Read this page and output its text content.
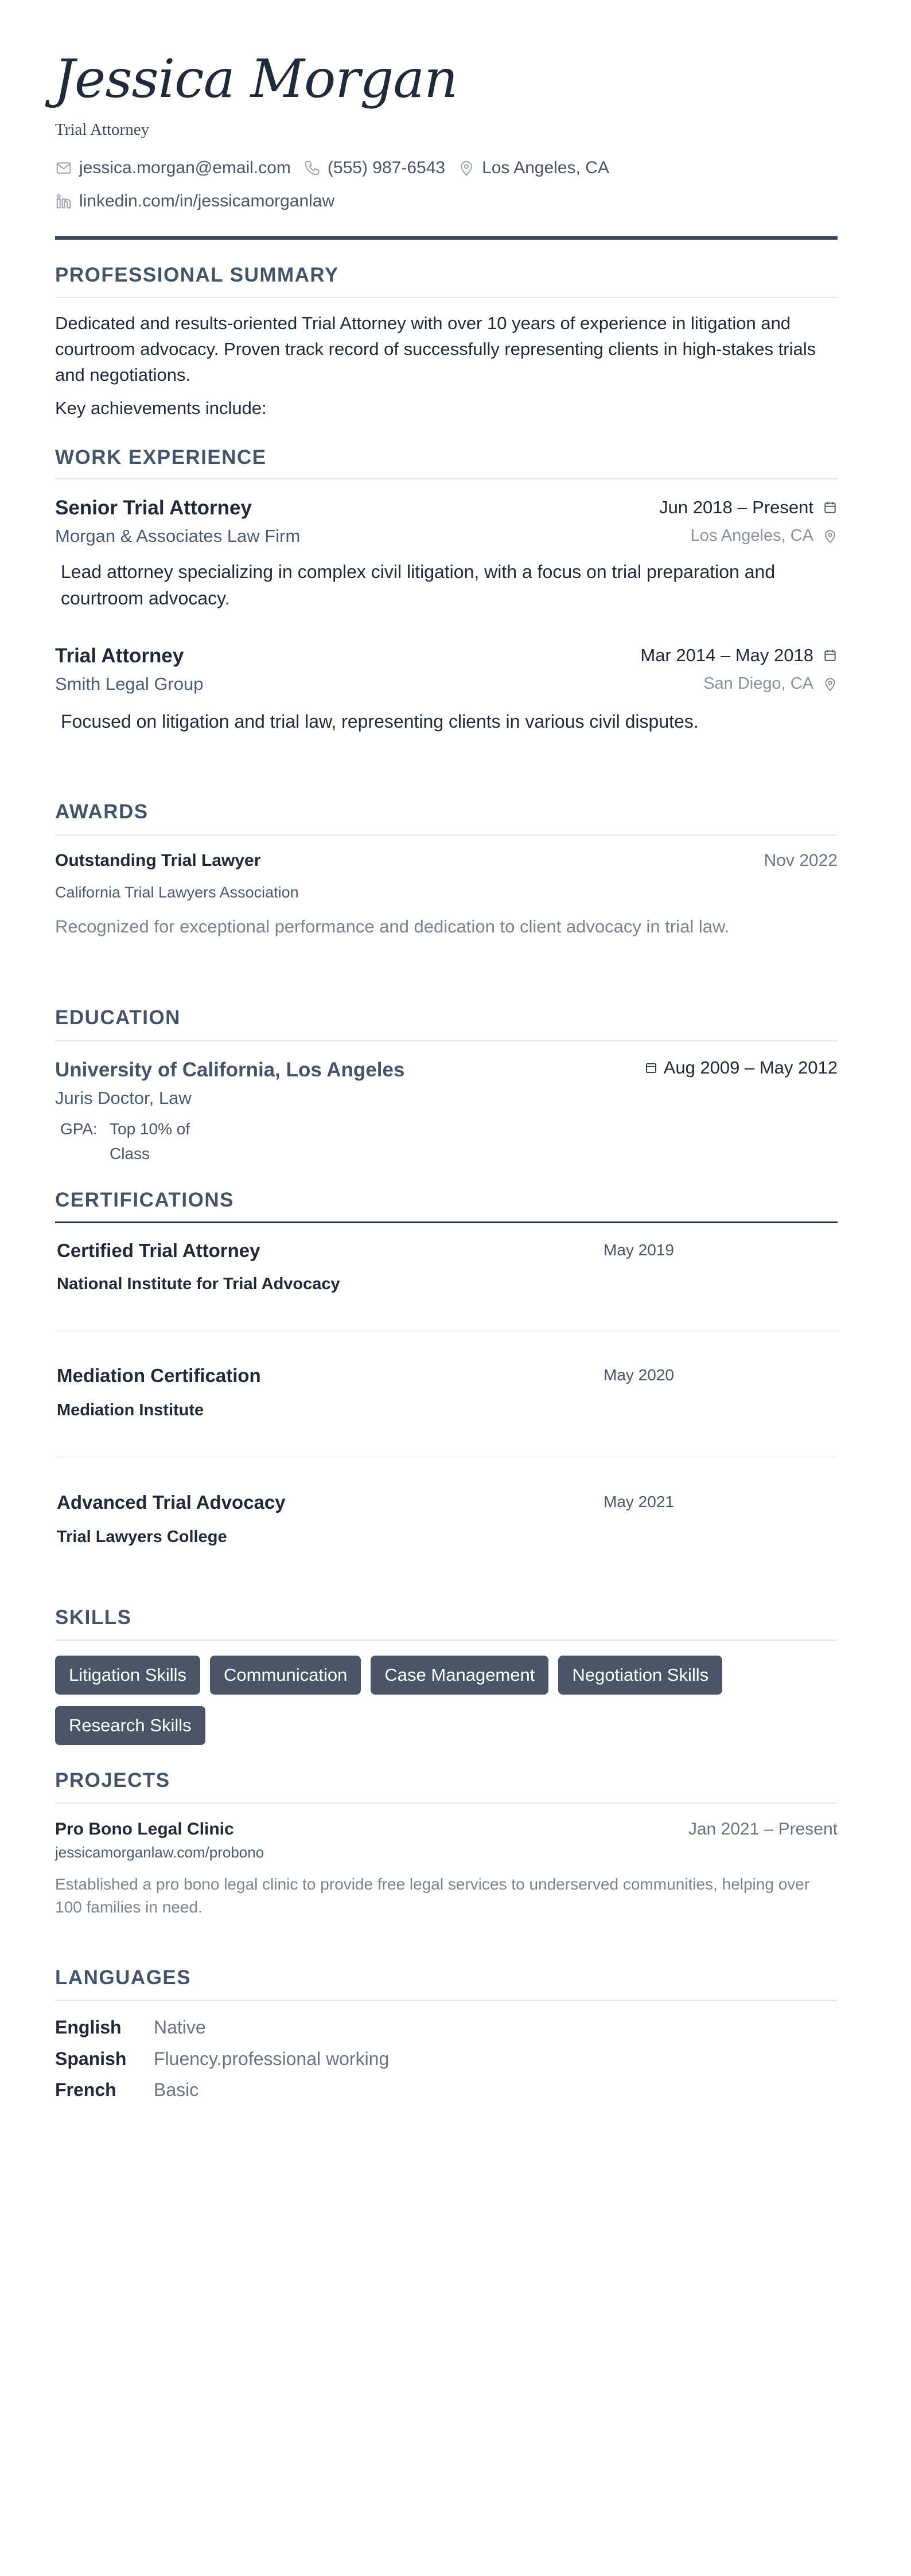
Jessica Morgan
Trial Attorney
jessica.morgan@email.com (555) 987-6543 Los Angeles, CA
linkedin.com/in/jessicamorganlaw
PROFESSIONAL SUMMARY
Dedicated and results-oriented Trial Attorney with over 10 years of experience in litigation and courtroom advocacy. Proven track record of successfully representing clients in high-stakes trials and negotiations.
Key achievements include:
WORK EXPERIENCE
Senior Trial Attorney	Jun 2018 – Present
Morgan & Associates Law Firm	Los Angeles, CA
Lead attorney specializing in complex civil litigation, with a focus on trial preparation and courtroom advocacy.
Trial Attorney	Mar 2014 – May 2018
Smith Legal Group	San Diego, CA
Focused on litigation and trial law, representing clients in various civil disputes.
AWARDS
Outstanding Trial Lawyer	Nov 2022
California Trial Lawyers Association
Recognized for exceptional performance and dedication to client advocacy in trial law.
EDUCATION
University of California, Los Angeles	Aug 2009 – May 2012
Juris Doctor, Law
GPA: Top 10% of Class
CERTIFICATIONS
Certified Trial Attorney	May 2019
National Institute for Trial Advocacy
Mediation Certification	May 2020
Mediation Institute
Advanced Trial Advocacy	May 2021
Trial Lawyers College
SKILLS
Litigation Skills	Communication	Case Management	Negotiation Skills
Research Skills
PROJECTS
Pro Bono Legal Clinic	Jan 2021 – Present
jessicamorganlaw.com/probono
Established a pro bono legal clinic to provide free legal services to underserved communities, helping over 100 families in need.
LANGUAGES
English	Native
Spanish	Fluency.professional working
French	Basic
